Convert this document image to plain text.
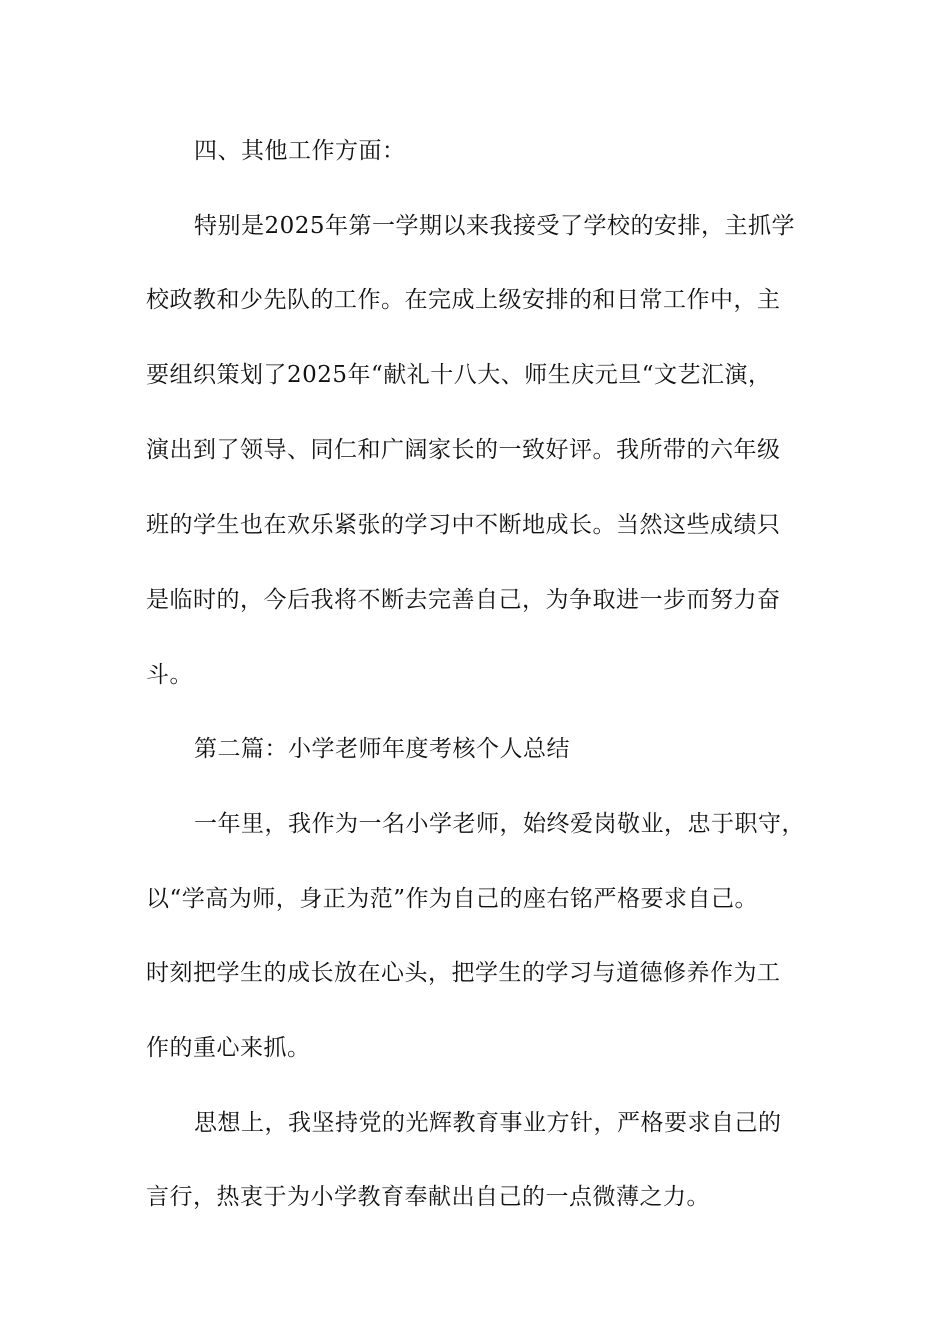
四、其他工作方面：
特别是2025年第一学期以来我接受了学校的安排，主抓学
校政教和少先队的工作。在完成上级安排的和日常工作中，主
要组织策划了2025年“献礼十八大、师生庆元旦“文艺汇演，
演出到了领导、同仁和广阔家长的一致好评。我所带的六年级
班的学生也在欢乐紧张的学习中不断地成长。当然这些成绩只
是临时的，今后我将不断去完善自己，为争取进一步而努力奋
斗。
第二篇：小学老师年度考核个人总结
一年里，我作为一名小学老师，始终爱岗敬业，忠于职守，
以“学高为师，身正为范”作为自己的座右铭严格要求自己。
时刻把学生的成长放在心头，把学生的学习与道德修养作为工
作的重心来抓。
思想上，我坚持党的光辉教育事业方针，严格要求自己的
言行，热衷于为小学教育奉献出自己的一点微薄之力。
